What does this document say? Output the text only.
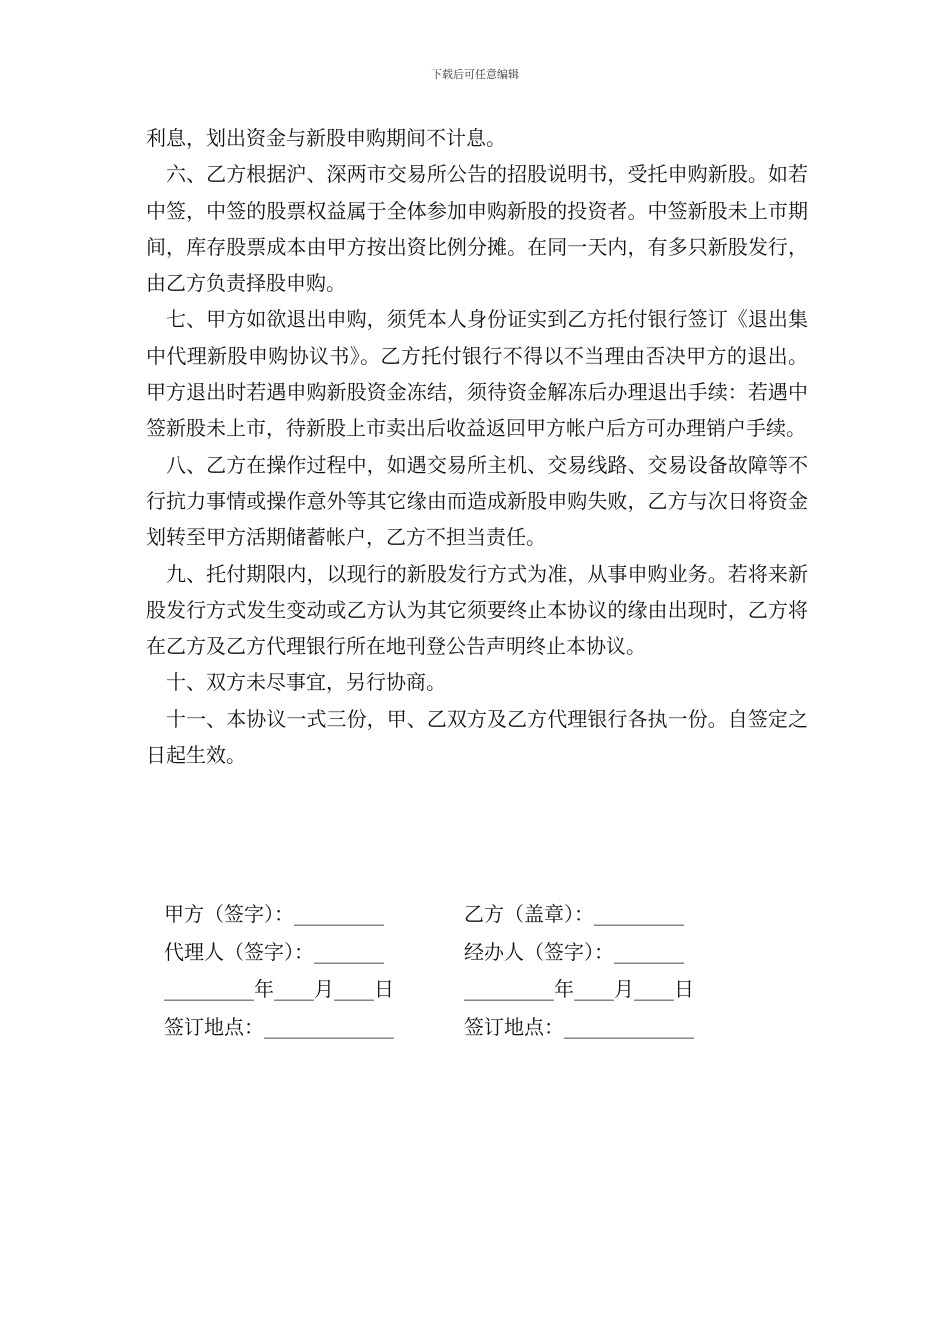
下载后可任意编辑

利息，划出资金与新股申购期间不计息。

六、乙方根据沪、深两市交易所公告的招股说明书，受托申购新股。如若中签，中签的股票权益属于全体参加申购新股的投资者。中签新股未上市期间，库存股票成本由甲方按出资比例分摊。在同一天内，有多只新股发行，由乙方负责择股申购。

七、甲方如欲退出申购，须凭本人身份证实到乙方托付银行签订《退出集中代理新股申购协议书》。乙方托付银行不得以不当理由否决甲方的退出。甲方退出时若遇申购新股资金冻结，须待资金解冻后办理退出手续：若遇中签新股未上市，待新股上市卖出后收益返回甲方帐户后方可办理销户手续。

八、乙方在操作过程中，如遇交易所主机、交易线路、交易设备故障等不行抗力事情或操作意外等其它缘由而造成新股申购失败，乙方与次日将资金划转至甲方活期储蓄帐户，乙方不担当责任。

九、托付期限内，以现行的新股发行方式为准，从事申购业务。若将来新股发行方式发生变动或乙方认为其它须要终止本协议的缘由出现时，乙方将在乙方及乙方代理银行所在地刊登公告声明终止本协议。

十、双方未尽事宜，另行协商。

十一、本协议一式三份，甲、乙双方及乙方代理银行各执一份。自签定之日起生效。

甲方（签字）：_________	乙方（盖章）：_________
代理人（签字）：_______	经办人（签字）：_______
_________年____月____日	_________年____月____日
签订地点：_____________	签订地点：_____________
